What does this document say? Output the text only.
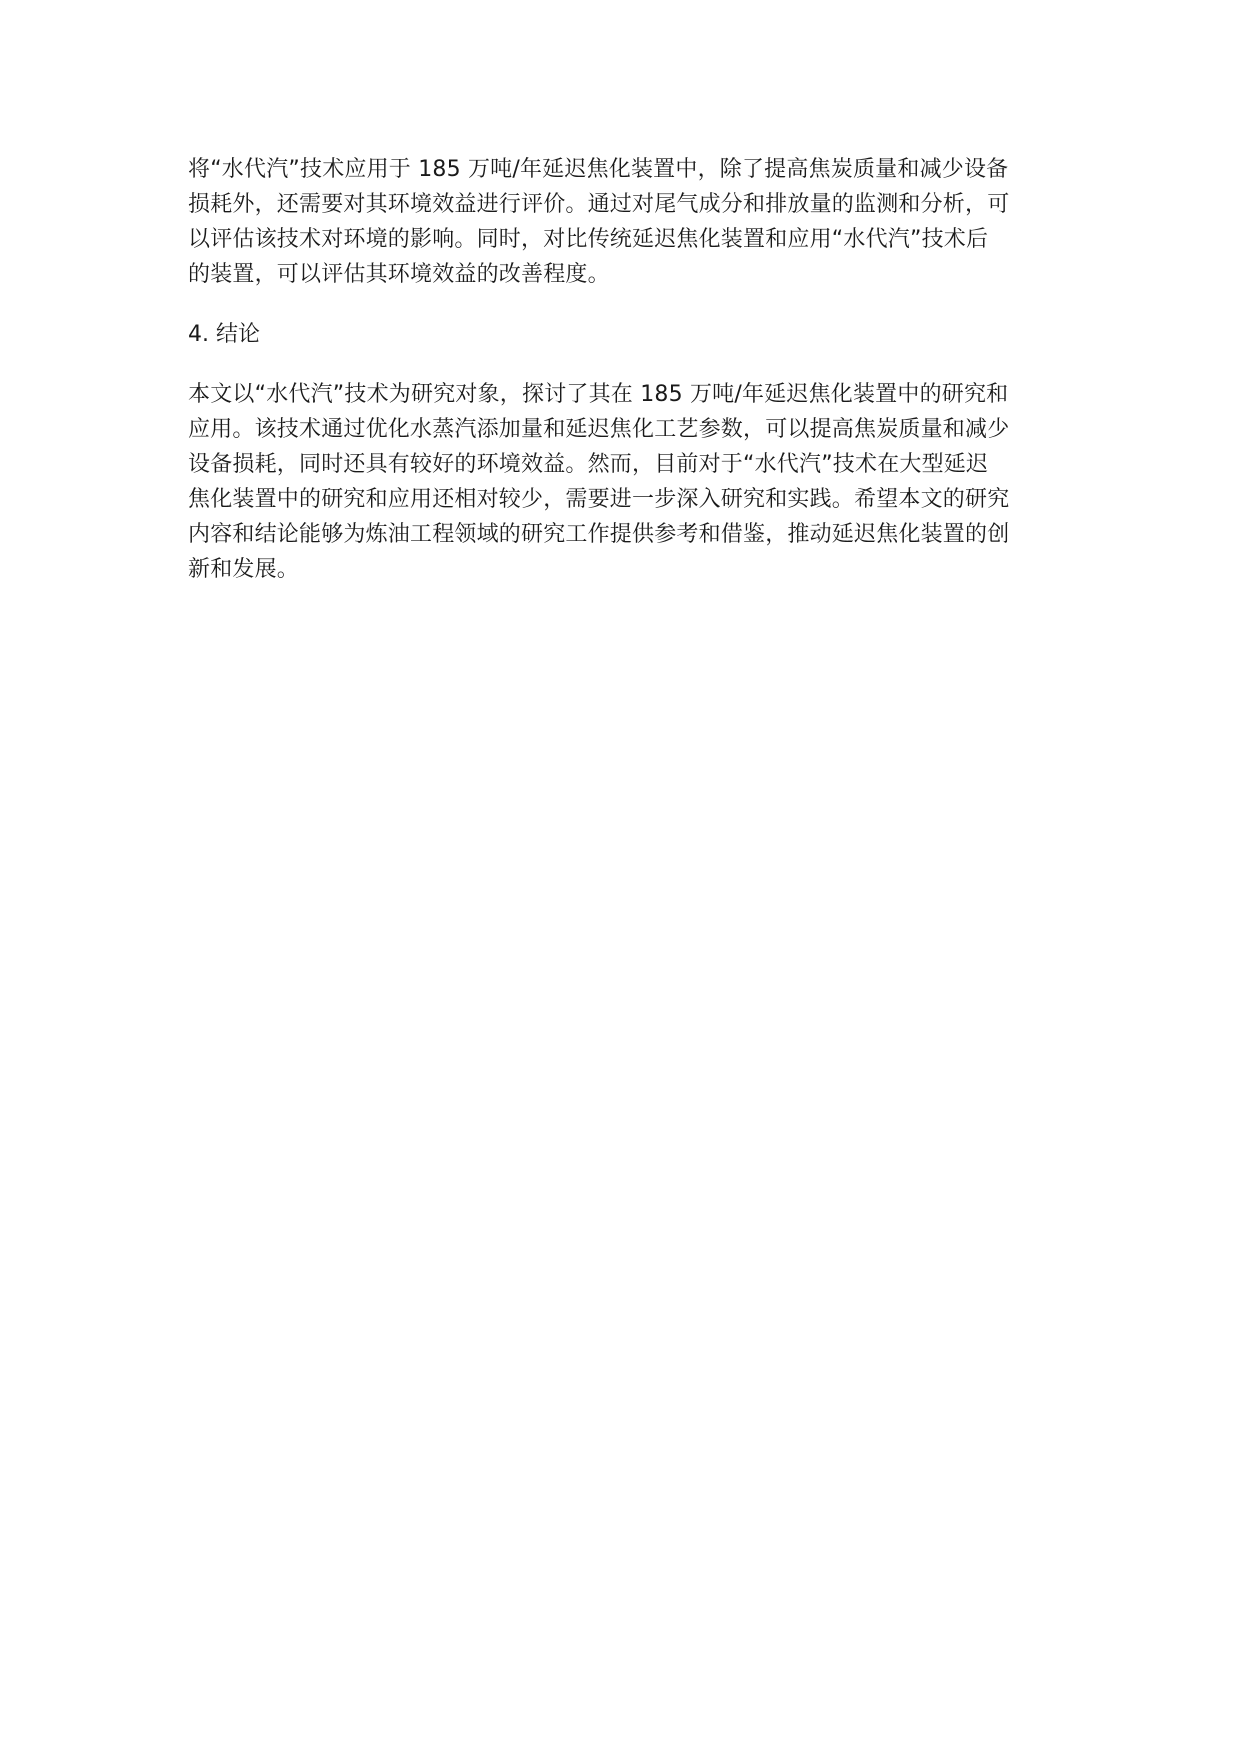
将“水代汽”技术应用于 185 万吨/年延迟焦化装置中，除了提高焦炭质量和减少设备
损耗外，还需要对其环境效益进行评价。通过对尾气成分和排放量的监测和分析，可
以评估该技术对环境的影响。同时，对比传统延迟焦化装置和应用“水代汽”技术后
的装置，可以评估其环境效益的改善程度。
4. 结论
本文以“水代汽”技术为研究对象，探讨了其在 185 万吨/年延迟焦化装置中的研究和
应用。该技术通过优化水蒸汽添加量和延迟焦化工艺参数，可以提高焦炭质量和减少
设备损耗，同时还具有较好的环境效益。然而，目前对于“水代汽”技术在大型延迟
焦化装置中的研究和应用还相对较少，需要进一步深入研究和实践。希望本文的研究
内容和结论能够为炼油工程领域的研究工作提供参考和借鉴，推动延迟焦化装置的创
新和发展。
